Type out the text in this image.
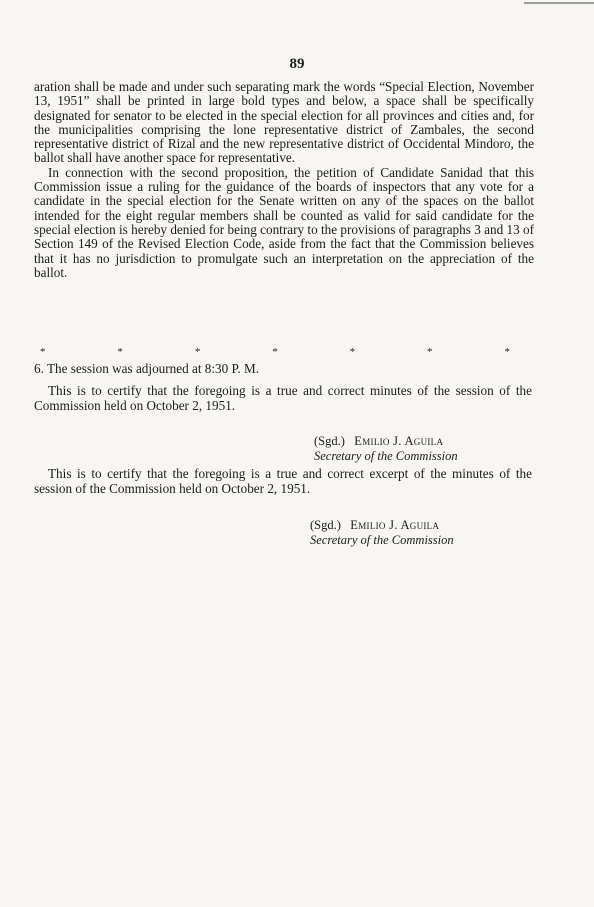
89

aration shall be made and under such separating mark the words “Special Election, November 13, 1951” shall be printed in large bold types and below, a space shall be specifically designated for senator to be elected in the special election for all provinces and cities and, for the municipalities comprising the lone representative district of Zambales, the second representative district of Rizal and the new representative district of Occidental Mindoro, the ballot shall have another space for representative.

In connection with the second proposition, the petition of Candidate Sanidad that this Commission issue a ruling for the guidance of the boards of inspectors that any vote for a candidate in the special election for the Senate written on any of the spaces on the ballot intended for the eight regular members shall be counted as valid for said candidate for the special election is hereby denied for being contrary to the provisions of paragraphs 3 and 13 of Section 149 of the Revised Election Code, aside from the fact that the Commission believes that it has no jurisdiction to promulgate such an interpretation on the appreciation of the ballot.

*	*	*	*	*	*	*
6. The session was adjourned at 8:30 P. M.
This is to certify that the foregoing is a true and correct minutes of the session of the Commission held on October 2, 1951.
(Sgd.) Emilio J. Aguila
Secretary of the Commission
This is to certify that the foregoing is a true and correct excerpt of the minutes of the session of the Commission held on October 2, 1951.
(Sgd.) Emilio J. Aguila
Secretary of the Commission
